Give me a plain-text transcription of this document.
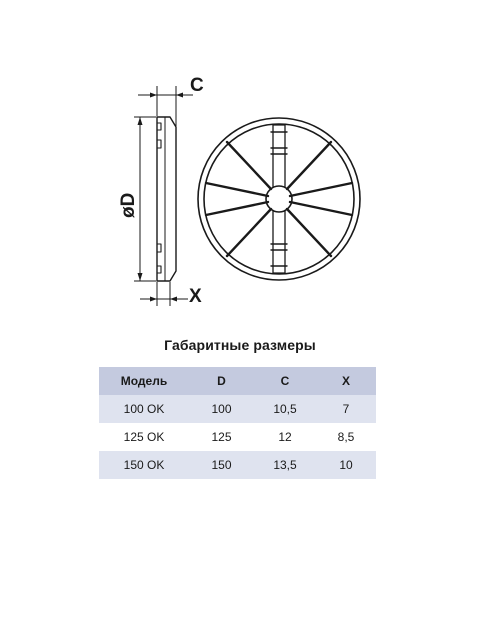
C
øD
X
Габаритные размеры
Модель	D	C	X
100 OK	100	10,5	7
125 OK	125	12	8,5
150 OK	150	13,5	10
